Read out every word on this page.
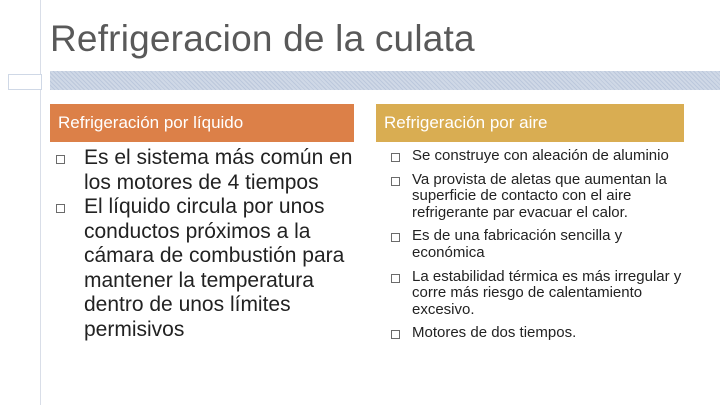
Refrigeracion de la culata
Refrigeración por líquido	Refrigeración por aire
Es el sistema más común en los motores de 4 tiempos
El líquido circula por unos conductos próximos a la cámara de combustión para mantener la temperatura dentro de unos límites permisivos
Se construye con aleación de aluminio
Va provista de aletas que aumentan la superficie de contacto con el aire refrigerante par evacuar el calor.
Es de una fabricación sencilla y económica
La estabilidad térmica es más irregular y corre más riesgo de calentamiento excesivo.
Motores de dos tiempos.
